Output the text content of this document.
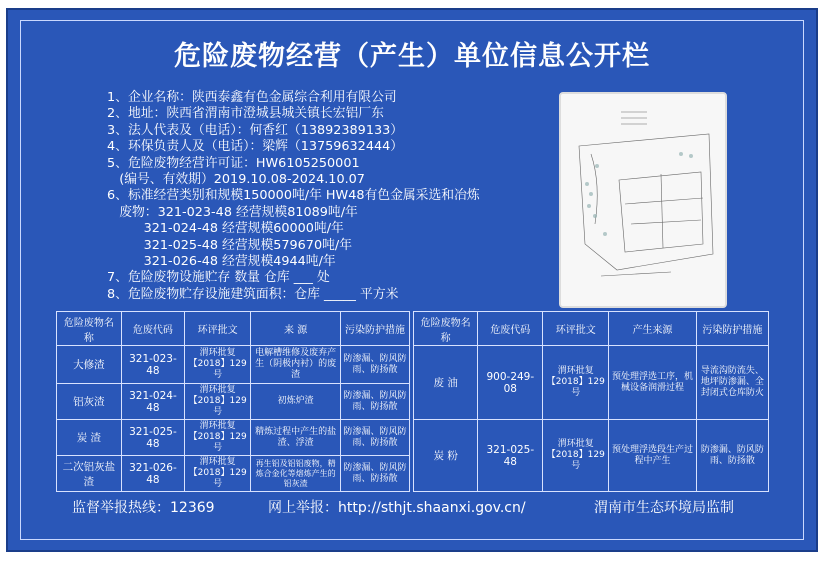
危险废物经营（产生）单位信息公开栏
1、企业名称：陕西泰鑫有色金属综合利用有限公司
2、地址：陕西省渭南市澄城县城关镇长宏铝厂东
3、法人代表及（电话）：何香红（13892389133）
4、环保负责人及（电话）：梁辉（13759632444）
5、危险废物经营许可证：HW6105250001
(编号、有效期）2019.10.08-2024.10.07
6、标准经营类别和规模150000吨/年 HW48有色金属采选和冶炼
废物：321-023-48 经营规模81089吨/年
321-024-48 经营规模60000吨/年
321-025-48 经营规模579670吨/年
321-026-48 经营规模4944吨/年
7、危险废物设施贮存 数量 仓库 ___ 处
8、危险废物贮存设施建筑面积：仓库 _____ 平方米
危险废物名称	危废代码	环评批文	来 源	污染防护措施
大修渣	321-023-48	渭环批复【2018】129号	电解槽维修及废弃产生（阴极内衬）的废渣	防渗漏、防风防雨、防扬散
铝灰渣	321-024-48	渭环批复【2018】129号	初炼炉渣	防渗漏、防风防雨、防扬散
炭 渣	321-025-48	渭环批复【2018】129号	精炼过程中产生的盐渣、浮渣	防渗漏、防风防雨、防扬散
二次铝灰盐渣	321-026-48	渭环批复【2018】129号	再生铝及铝铝废物，精炼合金化等熔炼产生的铝灰渣	防渗漏、防风防雨、防扬散
危险废物名称	危废代码	环评批文	产生来源	污染防护措施
废 油	900-249-08	渭环批复【2018】129号	预处理浮选工序，机械设备润滑过程	导流沟防流失、地坪防渗漏、全封闭式仓库防火
炭 粉	321-025-48	渭环批复【2018】129号	预处理浮选段生产过程中产生	防渗漏、防风防雨、防扬散
监督举报热线：12369	网上举报：http://sthjt.shaanxi.gov.cn/	渭南市生态环境局监制
